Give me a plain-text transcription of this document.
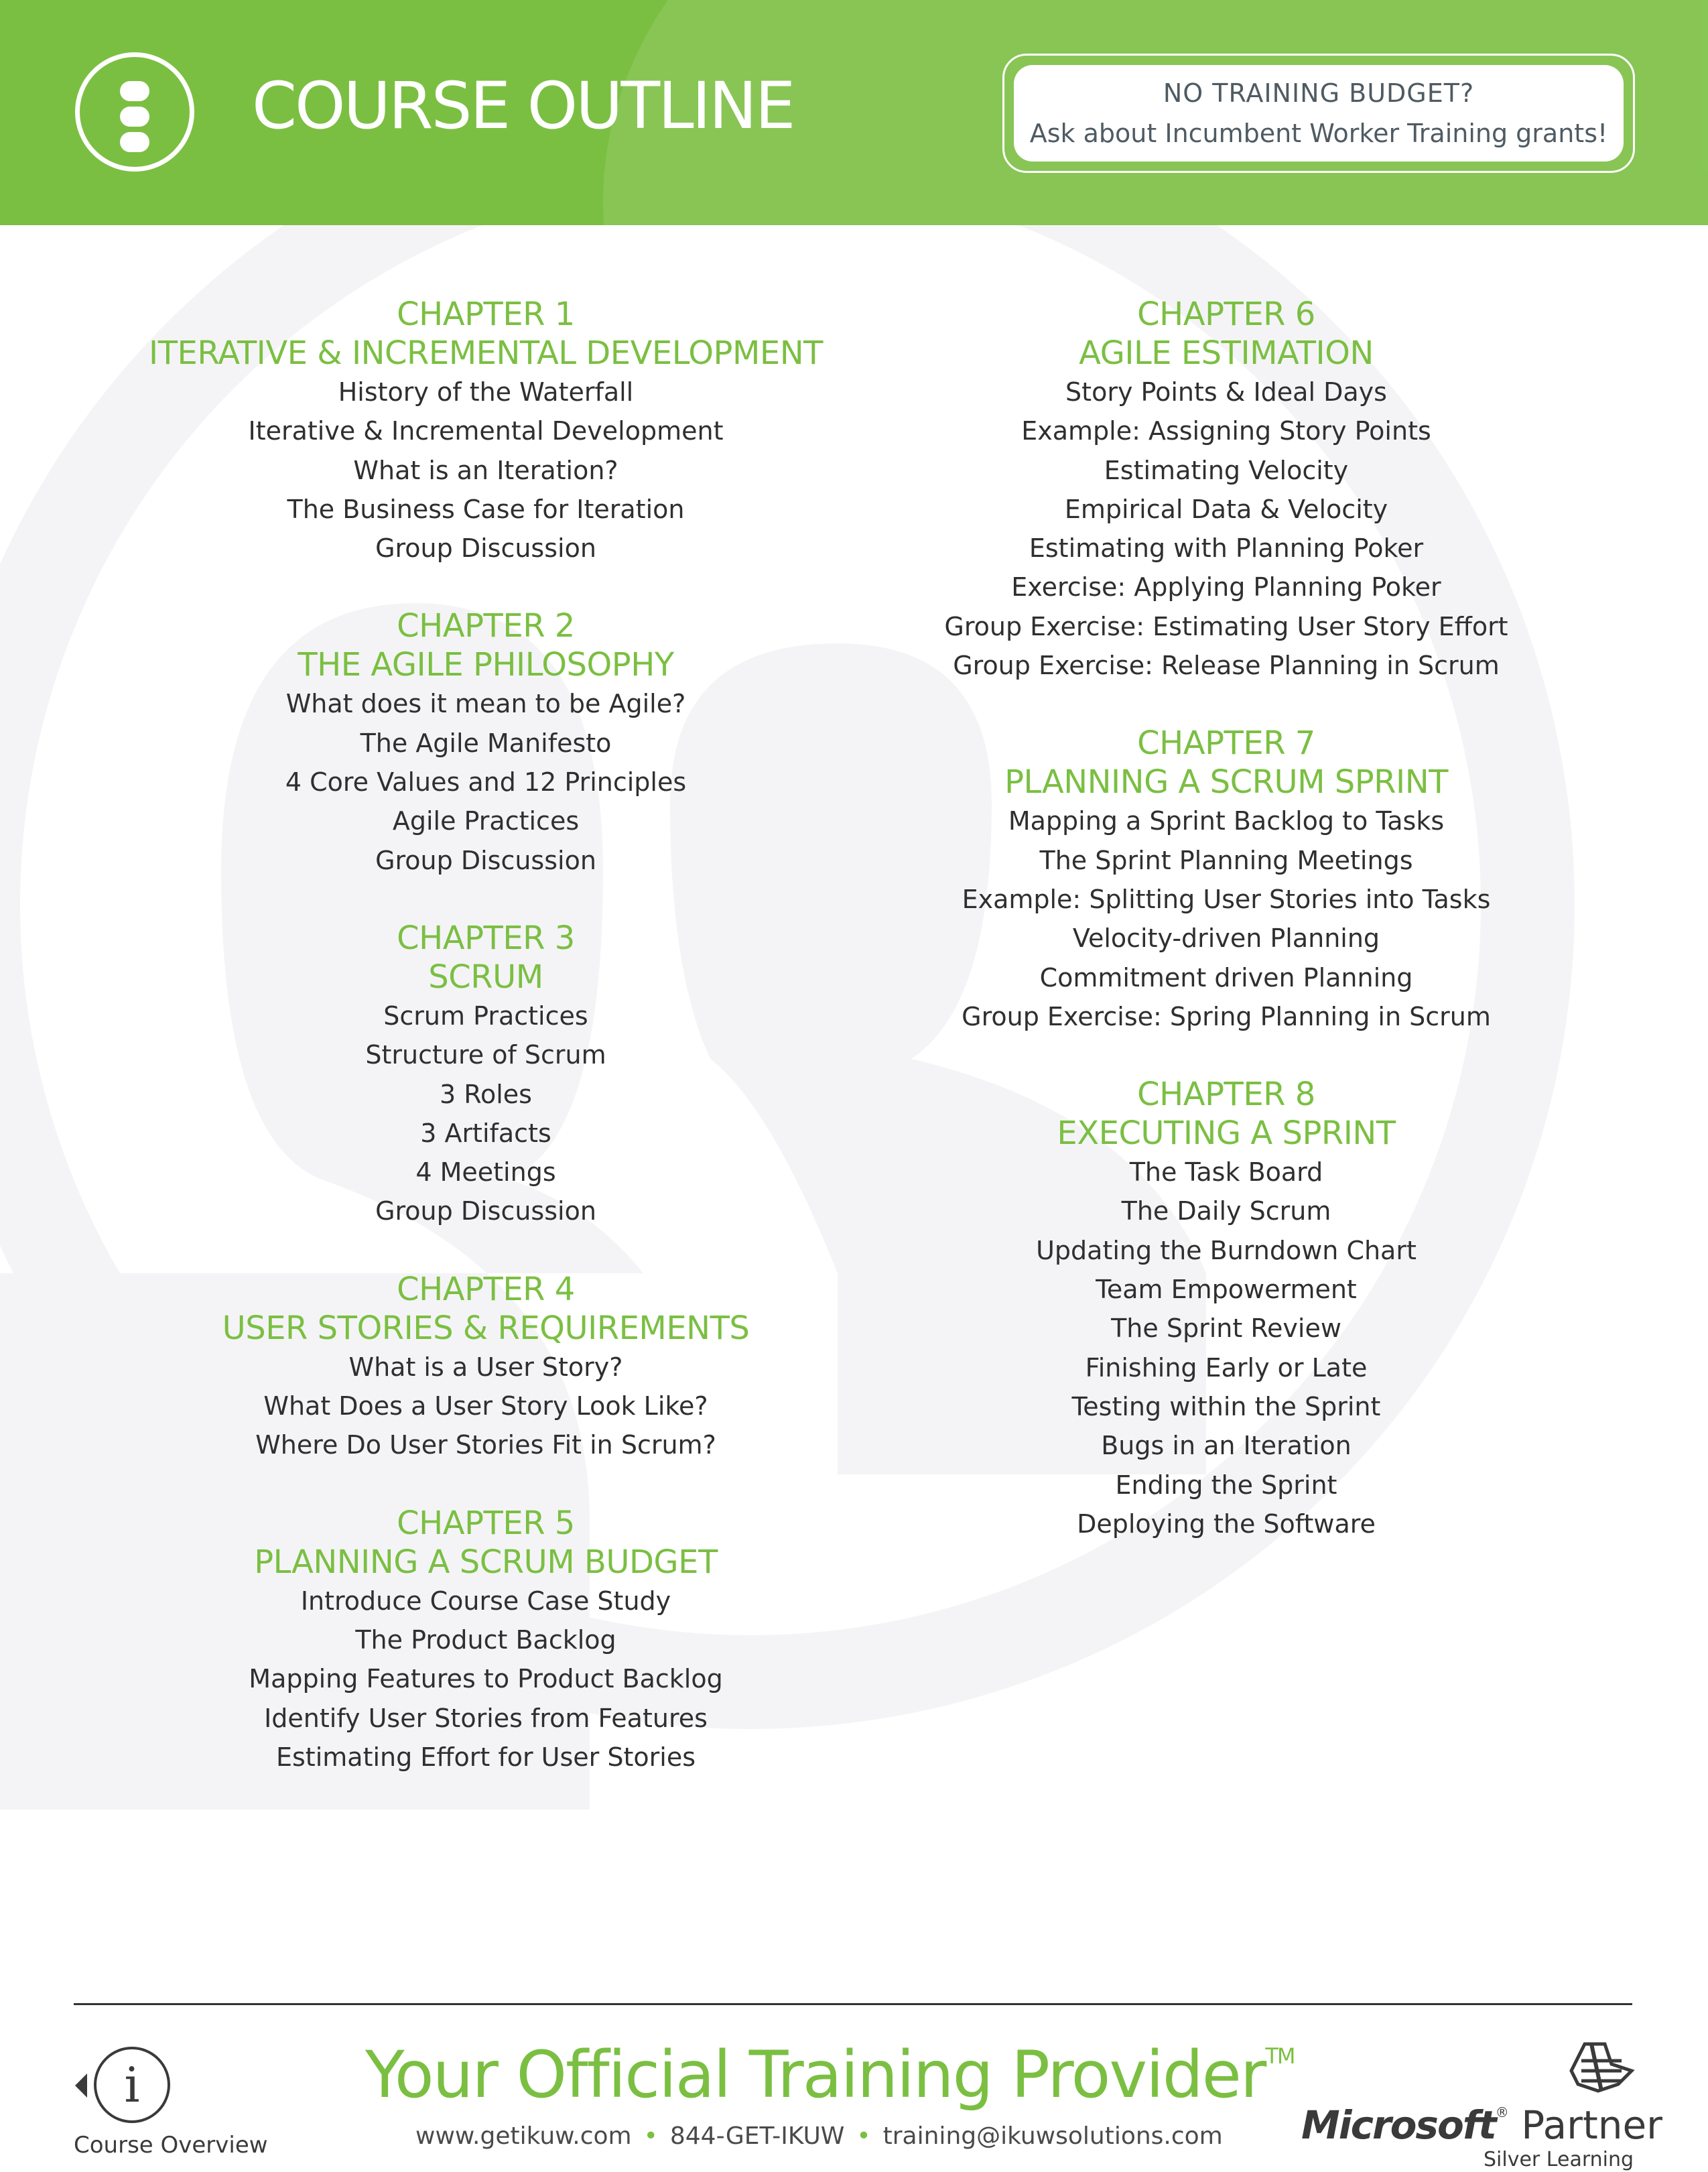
COURSE OUTLINE	NO TRAINING BUDGET?
Ask about Incumbent Worker Training grants!
CHAPTER 1
ITERATIVE & INCREMENTAL DEVELOPMENT
History of the Waterfall
Iterative & Incremental Development
What is an Iteration?
The Business Case for Iteration
Group Discussion
CHAPTER 2
THE AGILE PHILOSOPHY
What does it mean to be Agile?
The Agile Manifesto
4 Core Values and 12 Principles
Agile Practices
Group Discussion
CHAPTER 3
SCRUM
Scrum Practices
Structure of Scrum
3 Roles
3 Artifacts
4 Meetings
Group Discussion
CHAPTER 4
USER STORIES & REQUIREMENTS
What is a User Story?
What Does a User Story Look Like?
Where Do User Stories Fit in Scrum?
CHAPTER 5
PLANNING A SCRUM BUDGET
Introduce Course Case Study
The Product Backlog
Mapping Features to Product Backlog
Identify User Stories from Features
Estimating Effort for User Stories
CHAPTER 6
AGILE ESTIMATION
Story Points & Ideal Days
Example: Assigning Story Points
Estimating Velocity
Empirical Data & Velocity
Estimating with Planning Poker
Exercise: Applying Planning Poker
Group Exercise: Estimating User Story Effort
Group Exercise: Release Planning in Scrum
CHAPTER 7
PLANNING A SCRUM SPRINT
Mapping a Sprint Backlog to Tasks
The Sprint Planning Meetings
Example: Splitting User Stories into Tasks
Velocity-driven Planning
Commitment driven Planning
Group Exercise: Spring Planning in Scrum
CHAPTER 8
EXECUTING A SPRINT
The Task Board
The Daily Scrum
Updating the Burndown Chart
Team Empowerment
The Sprint Review
Finishing Early or Late
Testing within the Sprint
Bugs in an Iteration
Ending the Sprint
Deploying the Software
i
Course Overview
Your Official Training Provider™
www.getikuw.com • 844-GET-IKUW • training@ikuwsolutions.com Microsoft® Partner
Silver Learning
